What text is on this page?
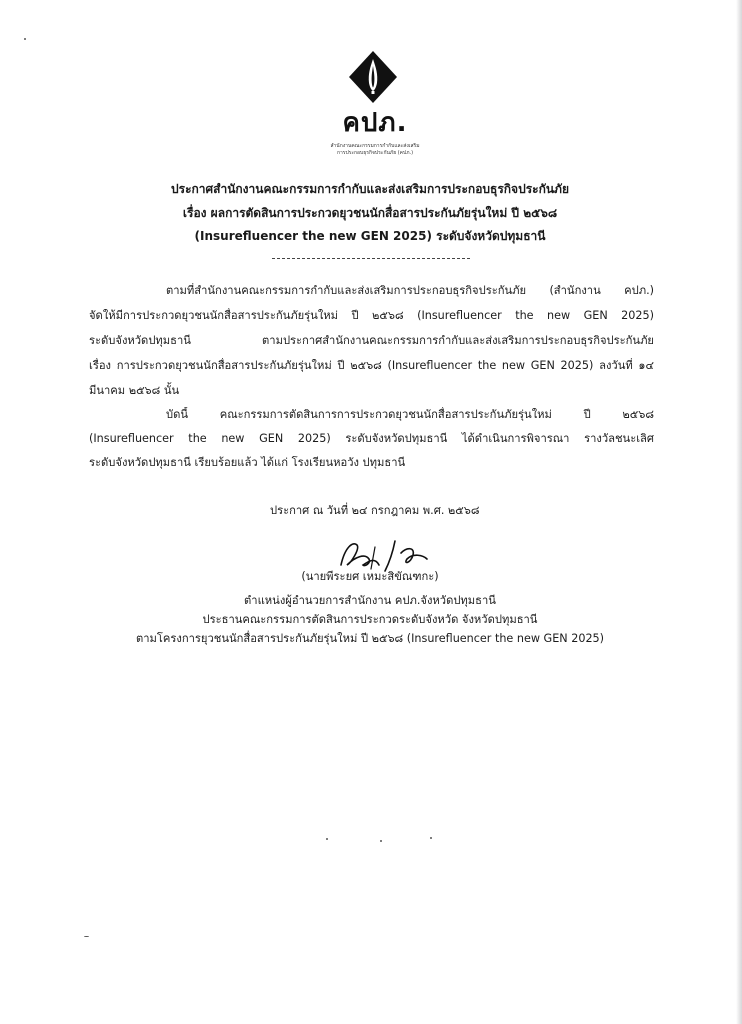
คปภ.
สำนักงานคณะกรรมการกำกับและส่งเสริม
การประกอบธุรกิจประกันภัย (คปภ.)
ประกาศสำนักงานคณะกรรมการกำกับและส่งเสริมการประกอบธุรกิจประกันภัย
เรื่อง ผลการตัดสินการประกวดยุวชนนักสื่อสารประกันภัยรุ่นใหม่ ปี ๒๕๖๘
(Insurefluencer the new GEN 2025) ระดับจังหวัดปทุมธานี
ตามที่สำนักงานคณะกรรมการกำกับและส่งเสริมการประกอบธุรกิจประกันภัย (สำนักงาน คปภ.)
จัดให้มีการประกวดยุวชนนักสื่อสารประกันภัยรุ่นใหม่ ปี ๒๕๖๘ (Insurefluencer the new GEN 2025)
ระดับจังหวัดปทุมธานี ตามประกาศสำนักงานคณะกรรมการกำกับและส่งเสริมการประกอบธุรกิจประกันภัย
เรื่อง การประกวดยุวชนนักสื่อสารประกันภัยรุ่นใหม่ ปี ๒๕๖๘ (Insurefluencer the new GEN 2025) ลงวันที่ ๑๔
มีนาคม ๒๕๖๘ นั้น
บัดนี้ คณะกรรมการตัดสินการการประกวดยุวชนนักสื่อสารประกันภัยรุ่นใหม่ ปี ๒๕๖๘
(Insurefluencer the new GEN 2025) ระดับจังหวัดปทุมธานี ได้ดำเนินการพิจารณา รางวัลชนะเลิศ
ระดับจังหวัดปทุมธานี เรียบร้อยแล้ว ได้แก่ โรงเรียนหอวัง ปทุมธานี
ประกาศ ณ วันที่ ๒๔ กรกฎาคม พ.ศ. ๒๕๖๘
(นายพีระยศ เหมะสิขัณฑกะ)
ตำแหน่งผู้อำนวยการสำนักงาน คปภ.จังหวัดปทุมธานี
ประธานคณะกรรมการตัดสินการประกวดระดับจังหวัด จังหวัดปทุมธานี
ตามโครงการยุวชนนักสื่อสารประกันภัยรุ่นใหม่ ปี ๒๕๖๘ (Insurefluencer the new GEN 2025)
